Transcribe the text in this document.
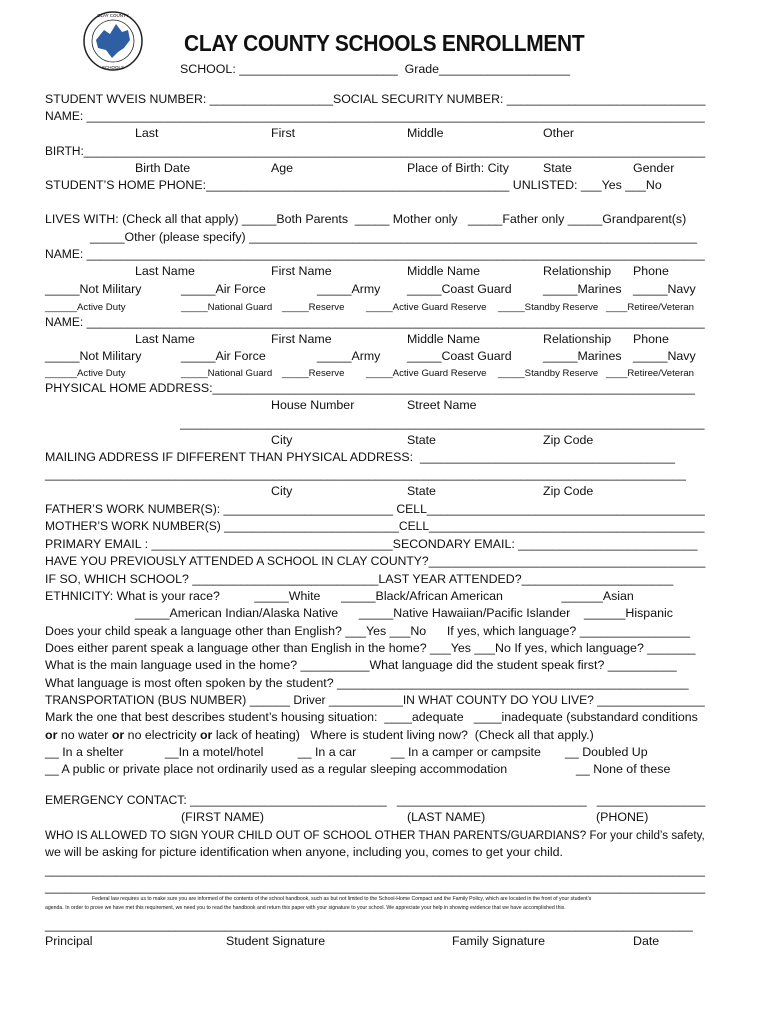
CLAY COUNTY
SCHOOLS
CLAY COUNTY SCHOOLS ENROLLMENT
SCHOOL: _______________________  Grade___________________
STUDENT WVEIS NUMBER: __________________SOCIAL SECURITY NUMBER: _____________________________
NAME: ____________________________________________________________________________________________
Last	First	Middle	Other
BIRTH:______________________________________________________________________________________________
Birth Date	Age	Place of Birth: City	State	Gender
STUDENT’S HOME PHONE:____________________________________________ UNLISTED: ___Yes ___No
LIVES WITH: (Check all that apply) _____Both Parents  _____ Mother only   _____Father only _____Grandparent(s)
_____Other (please specify) _________________________________________________________________
NAME: ____________________________________________________________________________________________
Last Name	First Name	Middle Name	Relationship Phone
_____Not Military	_____Air Force	_____Army _____Coast Guard	_____Marines _____Navy
______Active Duty	_____National Guard _____Reserve _____Active Guard Reserve _____Standby Reserve ____Retiree/Veteran
NAME: ____________________________________________________________________________________________
Last Name	First Name	Middle Name	Relationship Phone
_____Not Military	_____Air Force	_____Army _____Coast Guard	_____Marines _____Navy
______Active Duty	_____National Guard _____Reserve _____Active Guard Reserve _____Standby Reserve ____Retiree/Veteran
PHYSICAL HOME ADDRESS:______________________________________________________________________
House Number	Street Name
______________________________________________________________________________
City	State	Zip Code
MAILING ADDRESS IF DIFFERENT THAN PHYSICAL ADDRESS:  _____________________________________
_____________________________________________________________________________________________
City	State	Zip Code
FATHER’S WORK NUMBER(S): _________________________ CELL_________________________________________
MOTHER’S WORK NUMBER(S) __________________________CELL_________________________________________
PRIMARY EMAIL : ___________________________________SECONDARY EMAIL: __________________________
HAVE YOU PREVIOUSLY ATTENDED A SCHOOL IN CLAY COUNTY?_________________________________________
IF SO, WHICH SCHOOL? ___________________________LAST YEAR ATTENDED?______________________
ETHNICITY: What is your race?          _____White      _____Black/African American                 ______Asian
_____American Indian/Alaska Native      _____Native Hawaiian/Pacific Islander    ______Hispanic
Does your child speak a language other than English? ___Yes ___No      If yes, which language? ________________
Does either parent speak a language other than English in the home? ___Yes ___No If yes, which language? _______
What is the main language used in the home? __________What language did the student speak first? __________
What language is most often spoken by the student? ___________________________________________________
TRANSPORTATION (BUS NUMBER) ______ Driver ___________IN WHAT COUNTY DO YOU LIVE? ________________
Mark the one that best describes student’s housing situation:  ____adequate   ____inadequate (substandard conditions
or no water or no electricity or lack of heating)   Where is student living now?  (Check all that apply.)
__ In a shelter            __In a motel/hotel          __ In a car          __ In a camper or campsite       __ Doubled Up
__ A public or private place not ordinarily used as a regular sleeping accommodation                    __ None of these
EMERGENCY CONTACT: _____________________________   ____________________________   ________________
(FIRST NAME)	(LAST NAME)	(PHONE)
WHO IS ALLOWED TO SIGN YOUR CHILD OUT OF SCHOOL OTHER THAN PARENTS/GUARDIANS? For your child’s safety,
we will be asking for picture identification when anyone, including you, comes to get your child.
______________________________________________________________________________________________________
____________________________________________________________________________________________________
Federal law requires us to make sure you are informed of the contents of the school handbook, such as but not limited to the School-Home Compact and the Family Policy, which are located in the front of your student’s
agenda. In order to prove we have met this requirement, we need you to read the handbook and return this paper with your signature to your school. We appreciate your help in showing evidence that we have accomplished this.
______________________________________________________________________________________________
Principal	Student Signature	Family Signature	Date
